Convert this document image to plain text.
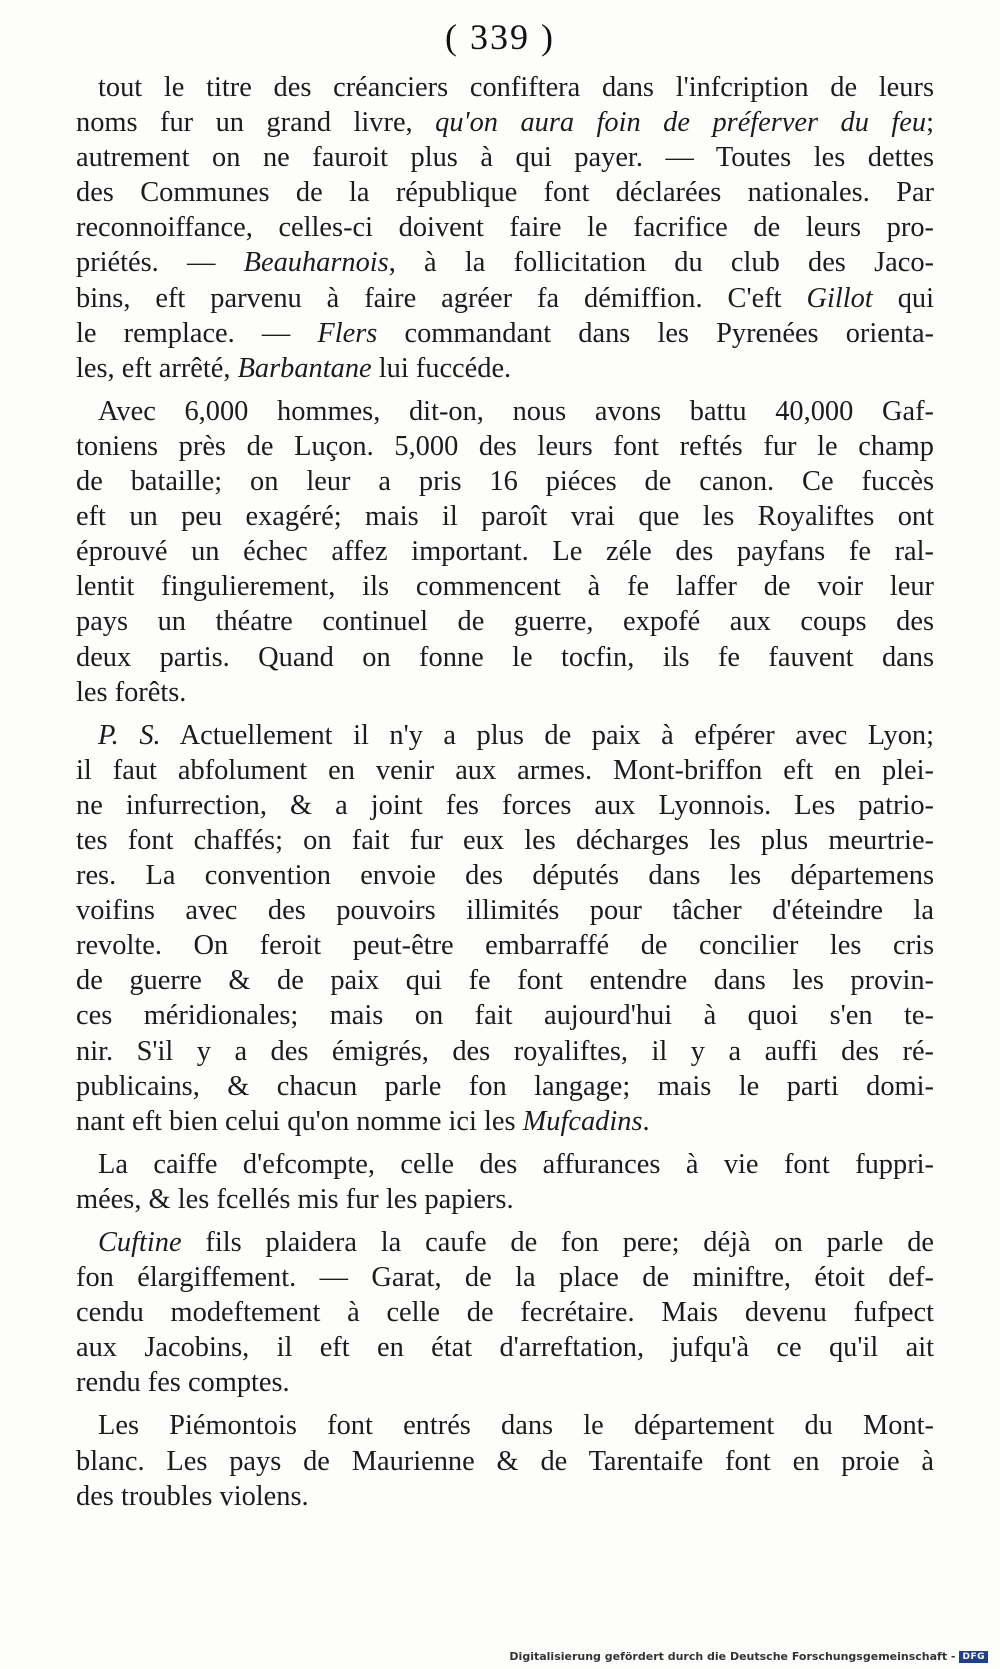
( 339 )

tout le titre des créanciers confiftera dans l'infcription de leurs
noms fur un grand livre, qu'on aura foin de préferver du feu;
autrement on ne fauroit plus à qui payer. — Toutes les dettes
des Communes de la république font déclarées nationales. Par
reconnoiffance, celles-ci doivent faire le facrifice de leurs pro-
priétés. — Beauharnois, à la follicitation du club des Jaco-
bins, eft parvenu à faire agréer fa démiffion. C'eft Gillot qui
le remplace. — Flers commandant dans les Pyrenées orienta-
les, eft arrêté, Barbantane lui fuccéde.

Avec 6,000 hommes, dit-on, nous avons battu 40,000 Gaf-
toniens près de Luçon. 5,000 des leurs font reftés fur le champ
de bataille; on leur a pris 16 piéces de canon. Ce fuccès
eft un peu exagéré; mais il paroît vrai que les Royaliftes ont
éprouvé un échec affez important. Le zéle des payfans fe ral-
lentit fingulierement, ils commencent à fe laffer de voir leur
pays un théatre continuel de guerre, expofé aux coups des
deux partis. Quand on fonne le tocfin, ils fe fauvent dans
les forêts.

P. S. Actuellement il n'y a plus de paix à efpérer avec Lyon;
il faut abfolument en venir aux armes. Mont-briffon eft en plei-
ne infurrection, & a joint fes forces aux Lyonnois. Les patrio-
tes font chaffés; on fait fur eux les décharges les plus meurtrie-
res. La convention envoie des députés dans les départemens
voifins avec des pouvoirs illimités pour tâcher d'éteindre la
revolte. On feroit peut-être embarraffé de concilier les cris
de guerre & de paix qui fe font entendre dans les provin-
ces méridionales; mais on fait aujourd'hui à quoi s'en te-
nir. S'il y a des émigrés, des royaliftes, il y a auffi des ré-
publicains, & chacun parle fon langage; mais le parti domi-
nant eft bien celui qu'on nomme ici les Mufcadins.

La caiffe d'efcompte, celle des affurances à vie font fuppri-
mées, & les fcellés mis fur les papiers.

Cuftine fils plaidera la caufe de fon pere; déjà on parle de
fon élargiffement. — Garat, de la place de miniftre, étoit def-
cendu modeftement à celle de fecrétaire. Mais devenu fufpect
aux Jacobins, il eft en état d'arreftation, jufqu'à ce qu'il ait
rendu fes comptes.

Les Piémontois font entrés dans le département du Mont-
blanc. Les pays de Maurienne & de Tarentaife font en proie à
des troubles violens.

Digitalisierung gefördert durch die Deutsche Forschungsgemeinschaft - DFG
